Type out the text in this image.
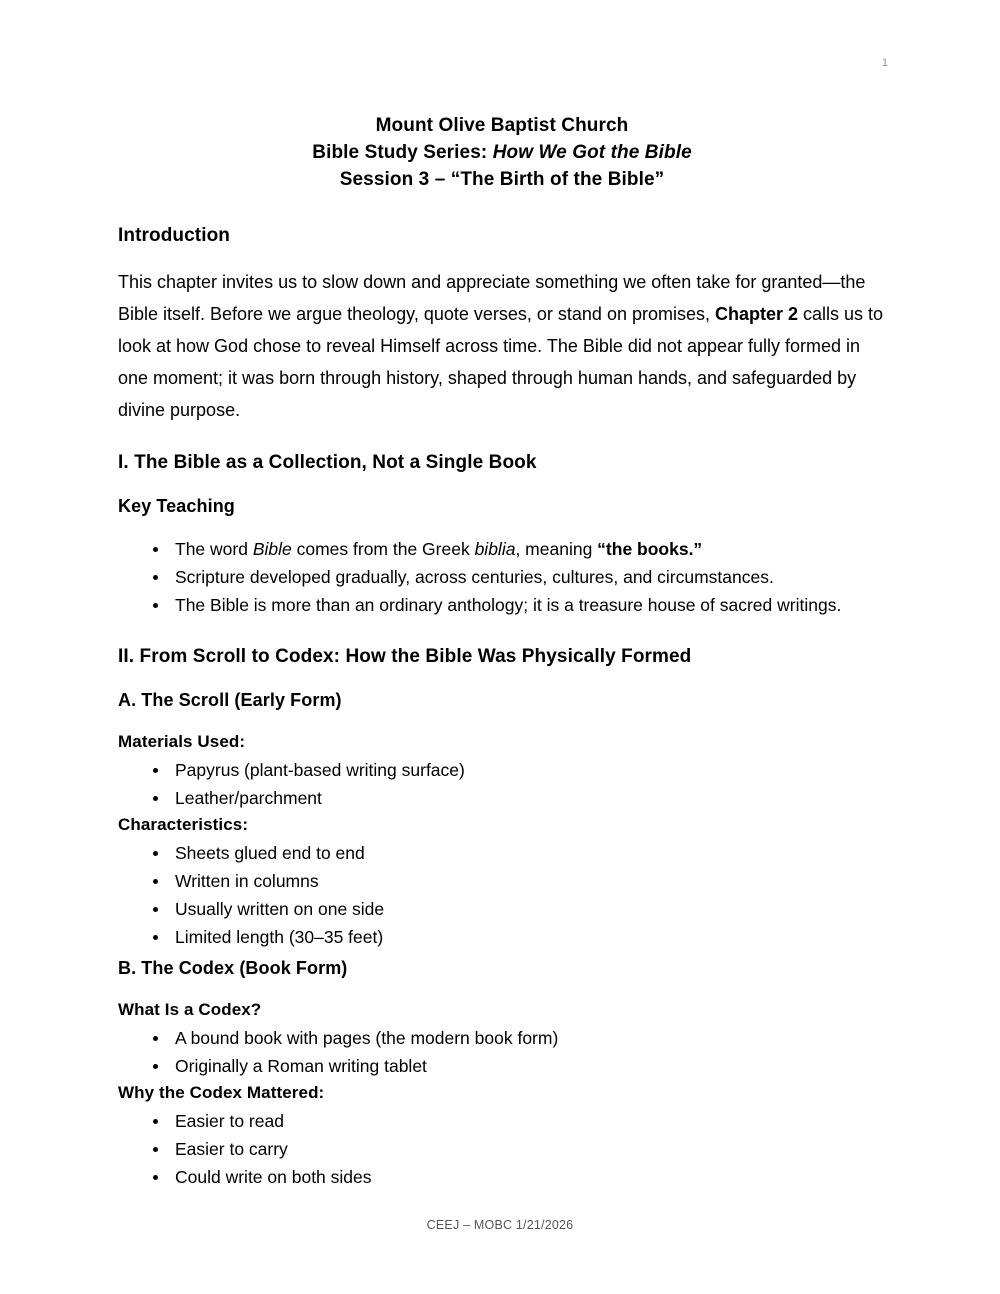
1
Mount Olive Baptist Church
Bible Study Series: How We Got the Bible
Session 3 – “The Birth of the Bible”
Introduction

This chapter invites us to slow down and appreciate something we often take for granted—the Bible itself. Before we argue theology, quote verses, or stand on promises, Chapter 2 calls us to look at how God chose to reveal Himself across time. The Bible did not appear fully formed in one moment; it was born through history, shaped through human hands, and safeguarded by divine purpose.

I. The Bible as a Collection, Not a Single Book
Key Teaching
The word Bible comes from the Greek biblia, meaning “the books.”
Scripture developed gradually, across centuries, cultures, and circumstances.
The Bible is more than an ordinary anthology; it is a treasure house of sacred writings.
II. From Scroll to Codex: How the Bible Was Physically Formed
A. The Scroll (Early Form)
Materials Used:
Papyrus (plant-based writing surface)
Leather/parchment
Characteristics:
Sheets glued end to end
Written in columns
Usually written on one side
Limited length (30–35 feet)
B. The Codex (Book Form)
What Is a Codex?
A bound book with pages (the modern book form)
Originally a Roman writing tablet
Why the Codex Mattered:
Easier to read
Easier to carry
Could write on both sides
CEEJ – MOBC 1/21/2026
